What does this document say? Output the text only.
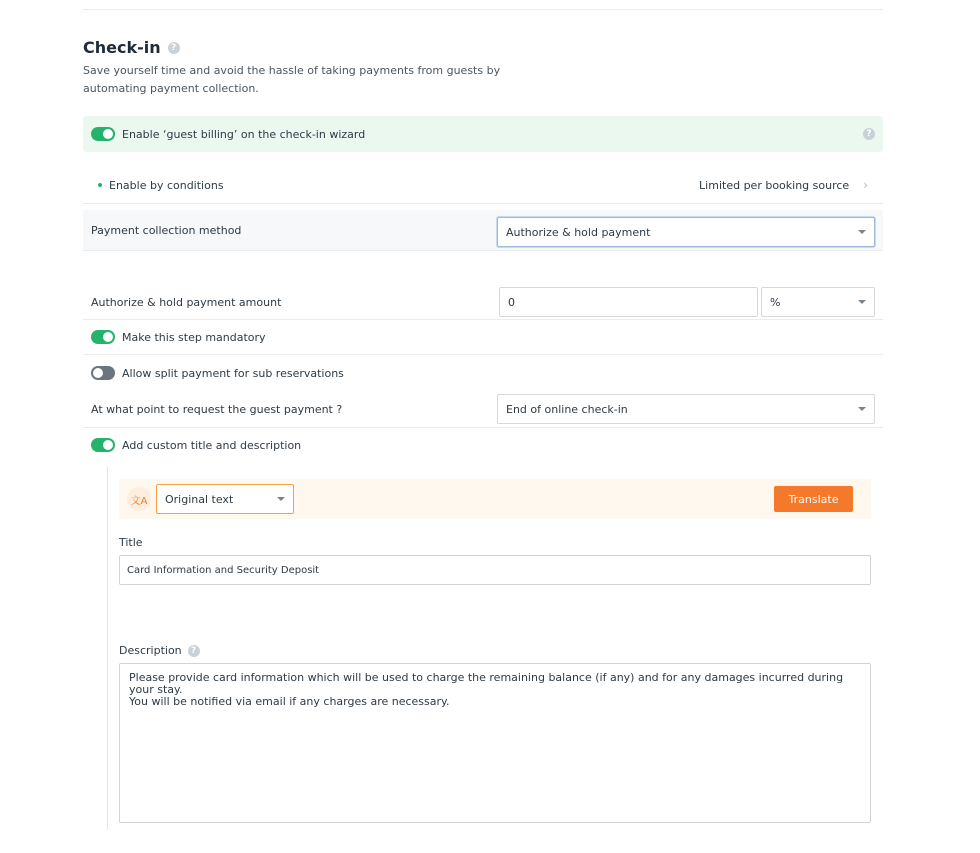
Check-in	?
Save yourself time and avoid the hassle of taking payments from guests by automating payment collection.
Enable ‘guest billing’ on the check-in wizard	?
Enable by conditions	Limited per booking source ›
Payment collection method	Authorize & hold payment
Authorize & hold payment amount	0	%
Make this step mandatory
Allow split payment for sub reservations
At what point to request the guest payment ?	End of online check-in
Add custom title and description
文A	Original text	Translate
Title
Card Information and Security Deposit
Description	?
Please provide card information which will be used to charge the remaining balance (if any) and for any damages incurred during your stay.
You will be notified via email if any charges are necessary.
